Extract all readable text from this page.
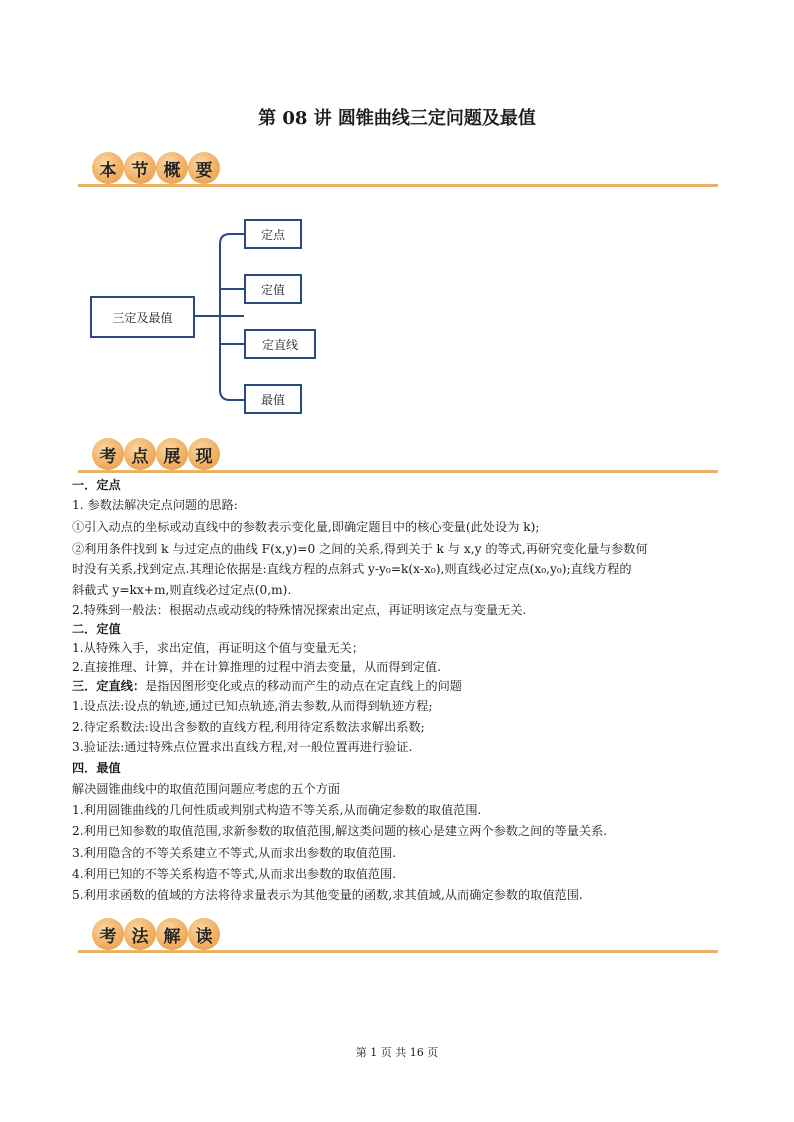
第 08 讲 圆锥曲线三定问题及最值
本 节 概 要
三定及最值
定点
定值
定直线
最值
考 点 展 现
一．定点
1. 参数法解决定点问题的思路:
①引入动点的坐标或动直线中的参数表示变化量,即确定题目中的核心变量(此处设为 k);
②利用条件找到 k 与过定点的曲线 F(x,y)=0 之间的关系,得到关于 k 与 x,y 的等式,再研究变化量与参数何
时没有关系,找到定点.其理论依据是:直线方程的点斜式 y-y₀=k(x-x₀),则直线必过定点(x₀,y₀);直线方程的
斜截式 y=kx+m,则直线必过定点(0,m).
2.特殊到一般法：根据动点或动线的特殊情况探索出定点，再证明该定点与变量无关.
二．定值
1.从特殊入手，求出定值，再证明这个值与变量无关；
2.直接推理、计算，并在计算推理的过程中消去变量，从而得到定值.
三．定直线：是指因图形变化或点的移动而产生的动点在定直线上的问题
1.设点法:设点的轨迹,通过已知点轨迹,消去参数,从而得到轨迹方程;
2.待定系数法:设出含参数的直线方程,利用待定系数法求解出系数;
3.验证法:通过特殊点位置求出直线方程,对一般位置再进行验证.
四．最值
解决圆锥曲线中的取值范围问题应考虑的五个方面
1.利用圆锥曲线的几何性质或判别式构造不等关系,从而确定参数的取值范围.
2.利用已知参数的取值范围,求新参数的取值范围,解这类问题的核心是建立两个参数之间的等量关系.
3.利用隐含的不等关系建立不等式,从而求出参数的取值范围.
4.利用已知的不等关系构造不等式,从而求出参数的取值范围.
5.利用求函数的值域的方法将待求量表示为其他变量的函数,求其值域,从而确定参数的取值范围.
考 法 解 读
第 1 页 共 16 页
